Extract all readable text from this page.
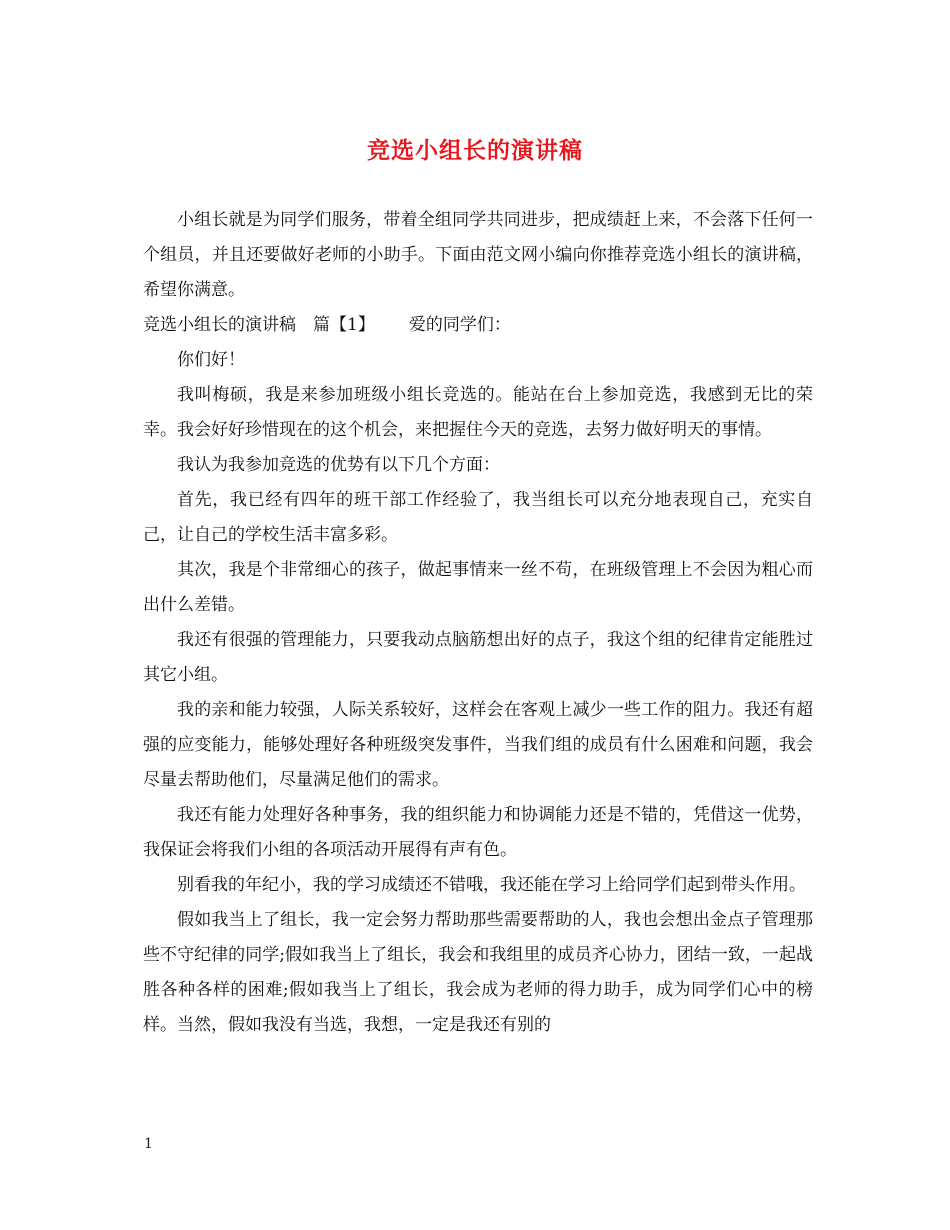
竞选小组长的演讲稿

小组长就是为同学们服务，带着全组同学共同进步，把成绩赶上来，不会落下任何一个组员，并且还要做好老师的小助手。下面由范文网小编向你推荐竞选小组长的演讲稿，希望你满意。

竞选小组长的演讲稿 篇【1】 爱的同学们：

你们好！

我叫梅硕，我是来参加班级小组长竞选的。能站在台上参加竞选，我感到无比的荣幸。我会好好珍惜现在的这个机会，来把握住今天的竞选，去努力做好明天的事情。

我认为我参加竞选的优势有以下几个方面：

首先，我已经有四年的班干部工作经验了，我当组长可以充分地表现自己，充实自己，让自己的学校生活丰富多彩。

其次，我是个非常细心的孩子，做起事情来一丝不苟，在班级管理上不会因为粗心而出什么差错。

我还有很强的管理能力，只要我动点脑筋想出好的点子，我这个组的纪律肯定能胜过其它小组。

我的亲和能力较强，人际关系较好，这样会在客观上减少一些工作的阻力。我还有超强的应变能力，能够处理好各种班级突发事件，当我们组的成员有什么困难和问题，我会尽量去帮助他们，尽量满足他们的需求。

我还有能力处理好各种事务，我的组织能力和协调能力还是不错的，凭借这一优势，我保证会将我们小组的各项活动开展得有声有色。

别看我的年纪小，我的学习成绩还不错哦，我还能在学习上给同学们起到带头作用。

假如我当上了组长，我一定会努力帮助那些需要帮助的人，我也会想出金点子管理那些不守纪律的同学;假如我当上了组长，我会和我组里的成员齐心协力，团结一致，一起战胜各种各样的困难;假如我当上了组长，我会成为老师的得力助手，成为同学们心中的榜样。当然，假如我没有当选，我想，一定是我还有别的

1
